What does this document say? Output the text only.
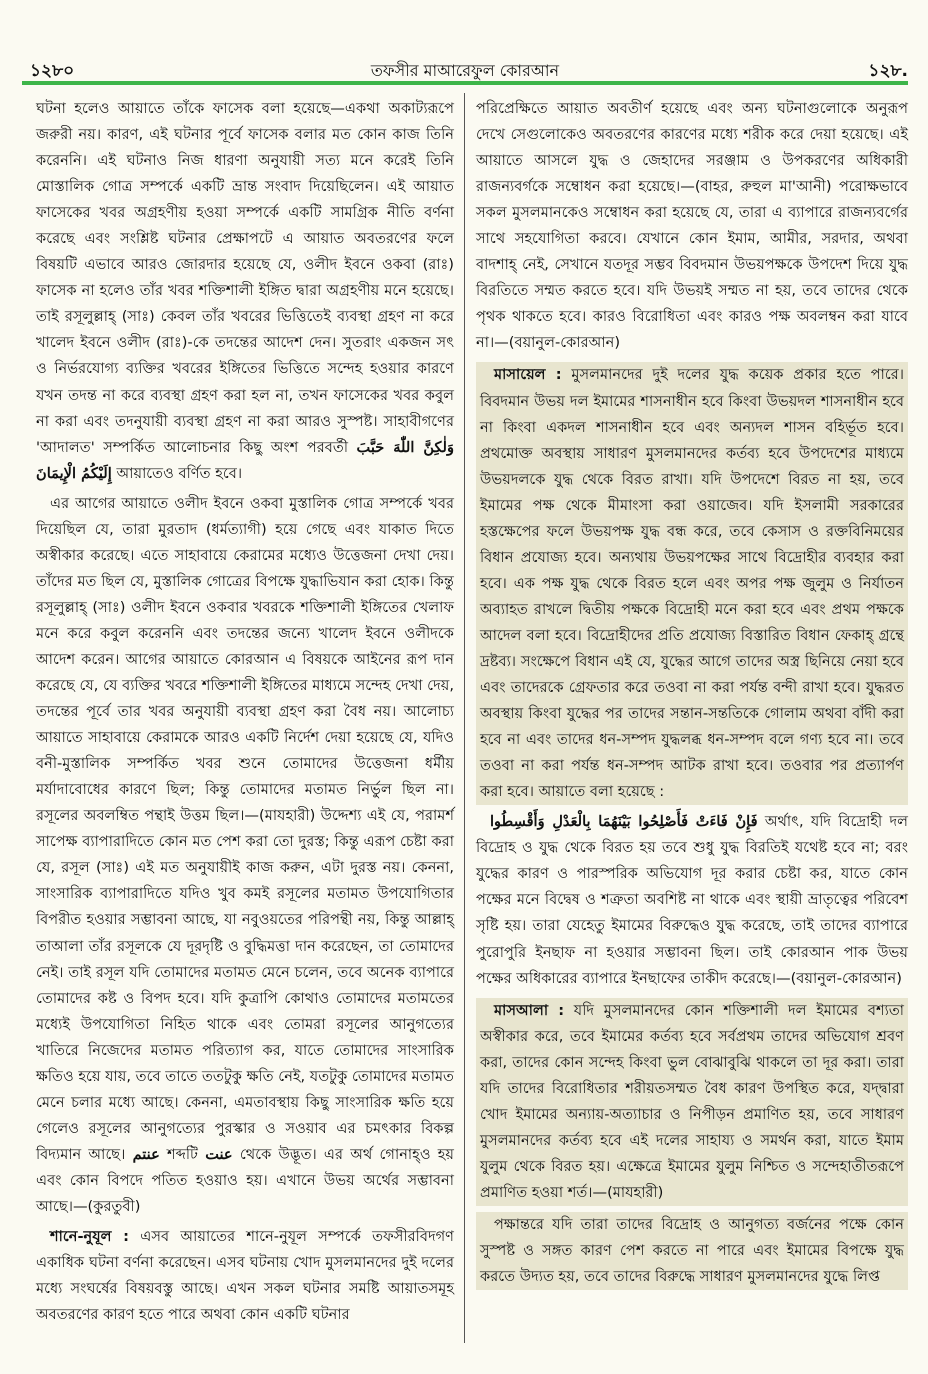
১২৮০	তফসীর মাআরেফুল কোরআন	১২৮.

ঘটনা হলেও আয়াতে তাঁকে ফাসেক বলা হয়েছে—একথা অকাট্যরূপে জরুরী নয়। কারণ, এই ঘটনার পূর্বে ফাসেক বলার মত কোন কাজ তিনি করেননি। এই ঘটনাও নিজ ধারণা অনুযায়ী সত্য মনে করেই তিনি মোস্তালিক গোত্র সম্পর্কে একটি ভ্রান্ত সংবাদ দিয়েছিলেন। এই আয়াত ফাসেকের খবর অগ্রহণীয় হওয়া সম্পর্কে একটি সামগ্রিক নীতি বর্ণনা করেছে এবং সংশ্লিষ্ট ঘটনার প্রেক্ষাপটে এ আয়াত অবতরণের ফলে বিষয়টি এভাবে আরও জোরদার হয়েছে যে, ওলীদ ইবনে ওকবা (রাঃ) ফাসেক না হলেও তাঁর খবর শক্তিশালী ইঙ্গিত দ্বারা অগ্রহণীয় মনে হয়েছে। তাই রসূলুল্লাহ্ (সাঃ) কেবল তাঁর খবরের ভিত্তিতেই ব্যবস্থা গ্রহণ না করে খালেদ ইবনে ওলীদ (রাঃ)-কে তদন্তের আদেশ দেন। সুতরাং একজন সৎ ও নির্ভরযোগ্য ব্যক্তির খবরের ইঙ্গিতের ভিত্তিতে সন্দেহ হওয়ার কারণে যখন তদন্ত না করে ব্যবস্থা গ্রহণ করা হল না, তখন ফাসেকের খবর কবুল না করা এবং তদনুযায়ী ব্যবস্থা গ্রহণ না করা আরও সুস্পষ্ট। সাহাবীগণের 'আদালত' সম্পর্কিত আলোচনার কিছু অংশ পরবর্তী وَلٰكِنَّ اللّٰهَ حَبَّبَ إِلَيْكُمُ الْإِيمَانَ আয়াতেও বর্ণিত হবে।

এর আগের আয়াতে ওলীদ ইবনে ওকবা মুস্তালিক গোত্র সম্পর্কে খবর দিয়েছিল যে, তারা মুরতাদ (ধর্মত্যাগী) হয়ে গেছে এবং যাকাত দিতে অস্বীকার করেছে। এতে সাহাবায়ে কেরামের মধ্যেও উত্তেজনা দেখা দেয়। তাঁদের মত ছিল যে, মুস্তালিক গোত্রের বিপক্ষে যুদ্ধাভিযান করা হোক। কিন্তু রসূলুল্লাহ্ (সাঃ) ওলীদ ইবনে ওকবার খবরকে শক্তিশালী ইঙ্গিতের খেলাফ মনে করে কবুল করেননি এবং তদন্তের জন্যে খালেদ ইবনে ওলীদকে আদেশ করেন। আগের আয়াতে কোরআন এ বিষয়কে আইনের রূপ দান করেছে যে, যে ব্যক্তির খবরে শক্তিশালী ইঙ্গিতের মাধ্যমে সন্দেহ দেখা দেয়, তদন্তের পূর্বে তার খবর অনুযায়ী ব্যবস্থা গ্রহণ করা বৈধ নয়। আলোচ্য আয়াতে সাহাবায়ে কেরামকে আরও একটি নির্দেশ দেয়া হয়েছে যে, যদিও বনী-মুস্তালিক সম্পর্কিত খবর শুনে তোমাদের উত্তেজনা ধর্মীয় মর্যাদাবোধের কারণে ছিল; কিন্তু তোমাদের মতামত নির্ভুল ছিল না। রসূলের অবলম্বিত পন্থাই উত্তম ছিল।—(মাযহারী) উদ্দেশ্য এই যে, পরামর্শ সাপেক্ষ ব্যাপারাদিতে কোন মত পেশ করা তো দুরস্ত; কিন্তু এরূপ চেষ্টা করা যে, রসূল (সাঃ) এই মত অনুযায়ীই কাজ করুন, এটা দুরস্ত নয়। কেননা, সাংসারিক ব্যাপারাদিতে যদিও খুব কমই রসূলের মতামত উপযোগিতার বিপরীত হওয়ার সম্ভাবনা আছে, যা নবুওয়তের পরিপন্থী নয়, কিন্তু আল্লাহ্ তাআলা তাঁর রসূলকে যে দূরদৃষ্টি ও বুদ্ধিমত্তা দান করেছেন, তা তোমাদের নেই। তাই রসূল যদি তোমাদের মতামত মেনে চলেন, তবে অনেক ব্যাপারে তোমাদের কষ্ট ও বিপদ হবে। যদি কুত্রাপি কোথাও তোমাদের মতামতের মধ্যেই উপযোগিতা নিহিত থাকে এবং তোমরা রসূলের আনুগত্যের খাতিরে নিজেদের মতামত পরিত্যাগ কর, যাতে তোমাদের সাংসারিক ক্ষতিও হয়ে যায়, তবে তাতে ততটুকু ক্ষতি নেই, যতটুকু তোমাদের মতামত মেনে চলার মধ্যে আছে। কেননা, এমতাবস্থায় কিছু সাংসারিক ক্ষতি হয়ে গেলেও রসূলের আনুগত্যের পুরস্কার ও সওয়াব এর চমৎকার বিকল্প বিদ্যমান আছে। عنتم শব্দটি عنت থেকে উদ্ভূত। এর অর্থ গোনাহ্ও হয় এবং কোন বিপদে পতিত হওয়াও হয়। এখানে উভয় অর্থের সম্ভাবনা আছে।—(কুরতুবী)

শানে-নুযূল : এসব আয়াতের শানে-নুযূল সম্পর্কে তফসীরবিদগণ একাধিক ঘটনা বর্ণনা করেছেন। এসব ঘটনায় খোদ মুসলমানদের দুই দলের মধ্যে সংঘর্ষের বিষয়বস্তু আছে। এখন সকল ঘটনার সমষ্টি আয়াতসমূহ অবতরণের কারণ হতে পারে অথবা কোন একটি ঘটনার

পরিপ্রেক্ষিতে আয়াত অবতীর্ণ হয়েছে এবং অন্য ঘটনাগুলোকে অনুরূপ দেখে সেগুলোকেও অবতরণের কারণের মধ্যে শরীক করে দেয়া হয়েছে। এই আয়াতে আসলে যুদ্ধ ও জেহাদের সরঞ্জাম ও উপকরণের অধিকারী রাজন্যবর্গকে সম্বোধন করা হয়েছে।—(বাহর, রুহুল মা'আনী) পরোক্ষভাবে সকল মুসলমানকেও সম্বোধন করা হয়েছে যে, তারা এ ব্যাপারে রাজন্যবর্গের সাথে সহযোগিতা করবে। যেখানে কোন ইমাম, আমীর, সরদার, অথবা বাদশাহ্ নেই, সেখানে যতদূর সম্ভব বিবদমান উভয়পক্ষকে উপদেশ দিয়ে যুদ্ধ বিরতিতে সম্মত করতে হবে। যদি উভয়ই সম্মত না হয়, তবে তাদের থেকে পৃথক থাকতে হবে। কারও বিরোধিতা এবং কারও পক্ষ অবলম্বন করা যাবে না।—(বয়ানুল-কোরআন)

মাসায়েল : মুসলমানদের দুই দলের যুদ্ধ কয়েক প্রকার হতে পারে। বিবদমান উভয় দল ইমামের শাসনাধীন হবে কিংবা উভয়দল শাসনাধীন হবে না কিংবা একদল শাসনাধীন হবে এবং অন্যদল শাসন বহির্ভূত হবে। প্রথমোক্ত অবস্থায় সাধারণ মুসলমানদের কর্তব্য হবে উপদেশের মাধ্যমে উভয়দলকে যুদ্ধ থেকে বিরত রাখা। যদি উপদেশে বিরত না হয়, তবে ইমামের পক্ষ থেকে মীমাংসা করা ওয়াজেব। যদি ইসলামী সরকারের হস্তক্ষেপের ফলে উভয়পক্ষ যুদ্ধ বন্ধ করে, তবে কেসাস ও রক্তবিনিময়ের বিধান প্রযোজ্য হবে। অন্যথায় উভয়পক্ষের সাথে বিদ্রোহীর ব্যবহার করা হবে। এক পক্ষ যুদ্ধ থেকে বিরত হলে এবং অপর পক্ষ জুলুম ও নির্যাতন অব্যাহত রাখলে দ্বিতীয় পক্ষকে বিদ্রোহী মনে করা হবে এবং প্রথম পক্ষকে আদেল বলা হবে। বিদ্রোহীদের প্রতি প্রযোজ্য বিস্তারিত বিধান ফেকাহ্ গ্রন্থে দ্রষ্টব্য। সংক্ষেপে বিধান এই যে, যুদ্ধের আগে তাদের অস্ত্র ছিনিয়ে নেয়া হবে এবং তাদেরকে গ্রেফতার করে তওবা না করা পর্যন্ত বন্দী রাখা হবে। যুদ্ধরত অবস্থায় কিংবা যুদ্ধের পর তাদের সন্তান-সন্ততিকে গোলাম অথবা বাঁদী করা হবে না এবং তাদের ধন-সম্পদ যুদ্ধলব্ধ ধন-সম্পদ বলে গণ্য হবে না। তবে তওবা না করা পর্যন্ত ধন-সম্পদ আটক রাখা হবে। তওবার পর প্রত্যার্পণ করা হবে। আয়াতে বলা হয়েছে :

فَإِنْ فَاءَتْ فَأَصْلِحُوا بَيْنَهُمَا بِالْعَدْلِ وَأَقْسِطُوا অর্থাৎ, যদি বিদ্রোহী দল বিদ্রোহ ও যুদ্ধ থেকে বিরত হয় তবে শুধু যুদ্ধ বিরতিই যথেষ্ট হবে না; বরং যুদ্ধের কারণ ও পারস্পরিক অভিযোগ দূর করার চেষ্টা কর, যাতে কোন পক্ষের মনে বিদ্বেষ ও শত্রুতা অবশিষ্ট না থাকে এবং স্থায়ী ভ্রাতৃত্বের পরিবেশ সৃষ্টি হয়। তারা যেহেতু ইমামের বিরুদ্ধেও যুদ্ধ করেছে, তাই তাদের ব্যাপারে পুরোপুরি ইনছাফ না হওয়ার সম্ভাবনা ছিল। তাই কোরআন পাক উভয় পক্ষের অধিকারের ব্যাপারে ইনছাফের তাকীদ করেছে।—(বয়ানুল-কোরআন)

মাসআলা : যদি মুসলমানদের কোন শক্তিশালী দল ইমামের বশ্যতা অস্বীকার করে, তবে ইমামের কর্তব্য হবে সর্বপ্রথম তাদের অভিযোগ শ্রবণ করা, তাদের কোন সন্দেহ কিংবা ভুল বোঝাবুঝি থাকলে তা দূর করা। তারা যদি তাদের বিরোধিতার শরীয়তসম্মত বৈধ কারণ উপস্থিত করে, যদ্দ্বারা খোদ ইমামের অন্যায়-অত্যাচার ও নিপীড়ন প্রমাণিত হয়, তবে সাধারণ মুসলমানদের কর্তব্য হবে এই দলের সাহায্য ও সমর্থন করা, যাতে ইমাম যুলুম থেকে বিরত হয়। এক্ষেত্রে ইমামের যুলুম নিশ্চিত ও সন্দেহাতীতরূপে প্রমাণিত হওয়া শর্ত।—(মাযহারী)

পক্ষান্তরে যদি তারা তাদের বিদ্রোহ ও আনুগত্য বর্জনের পক্ষে কোন সুস্পষ্ট ও সঙ্গত কারণ পেশ করতে না পারে এবং ইমামের বিপক্ষে যুদ্ধ করতে উদ্যত হয়, তবে তাদের বিরুদ্ধে সাধারণ মুসলমানদের যুদ্ধে লিপ্ত
